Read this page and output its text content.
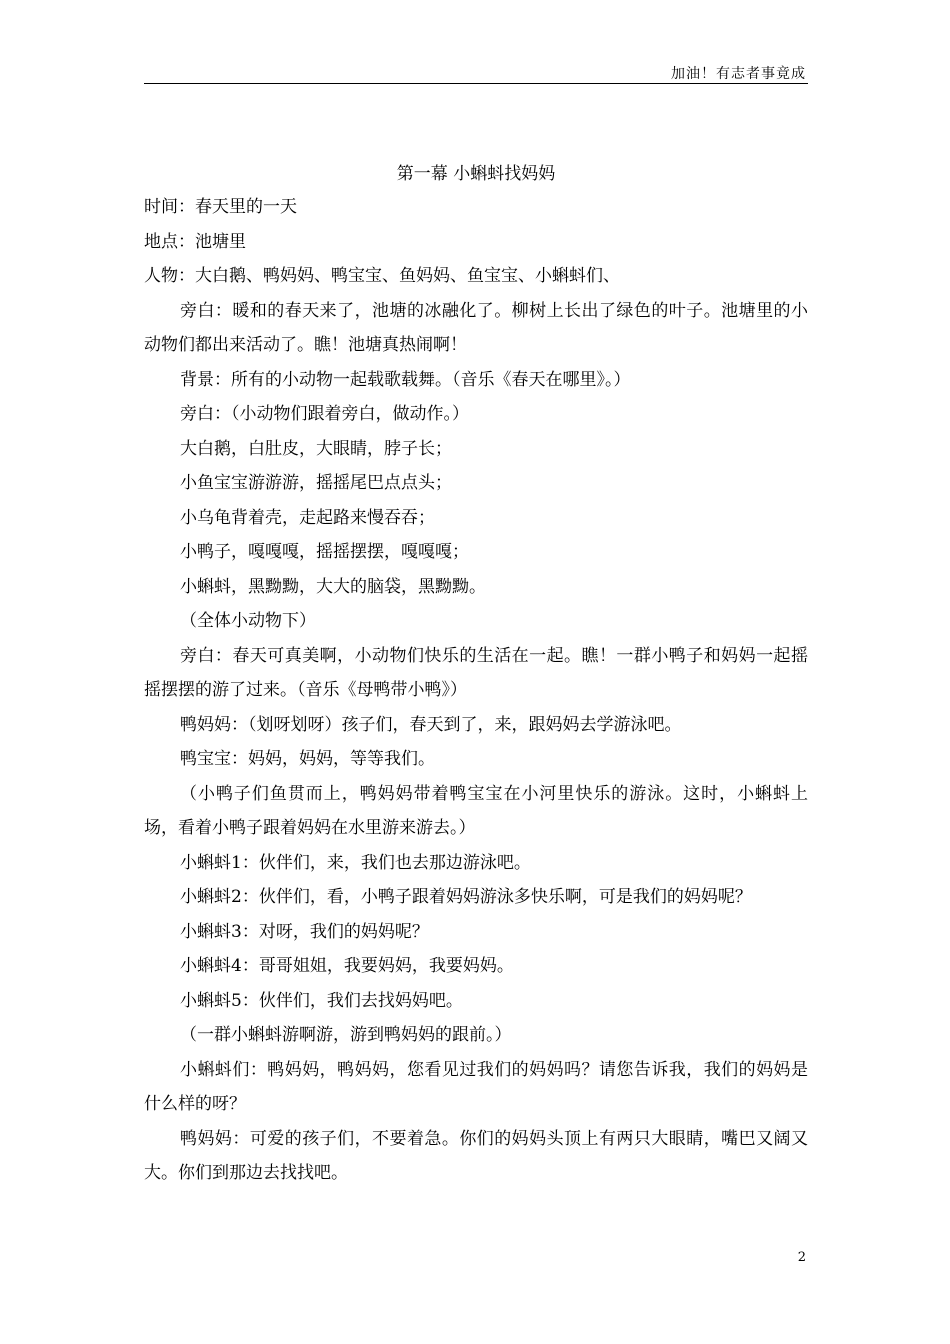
加油！有志者事竟成
第一幕 小蝌蚪找妈妈

时间：春天里的一天

地点：池塘里

人物：大白鹅、鸭妈妈、鸭宝宝、鱼妈妈、鱼宝宝、小蝌蚪们、

旁白：暖和的春天来了，池塘的冰融化了。柳树上长出了绿色的叶子。池塘里的小动物们都出来活动了。瞧！池塘真热闹啊！

背景：所有的小动物一起载歌载舞。（音乐《春天在哪里》。）

旁白：（小动物们跟着旁白，做动作。）

大白鹅，白肚皮，大眼睛，脖子长；

小鱼宝宝游游游，摇摇尾巴点点头；

小乌龟背着壳，走起路来慢吞吞；

小鸭子，嘎嘎嘎，摇摇摆摆，嘎嘎嘎；

小蝌蚪，黑黝黝，大大的脑袋，黑黝黝。

（全体小动物下）

旁白：春天可真美啊，小动物们快乐的生活在一起。瞧！一群小鸭子和妈妈一起摇摇摆摆的游了过来。（音乐《母鸭带小鸭》）

鸭妈妈：（划呀划呀）孩子们，春天到了，来，跟妈妈去学游泳吧。

鸭宝宝：妈妈，妈妈，等等我们。

（小鸭子们鱼贯而上，鸭妈妈带着鸭宝宝在小河里快乐的游泳。这时，小蝌蚪上场，看着小鸭子跟着妈妈在水里游来游去。）

小蝌蚪1：伙伴们，来，我们也去那边游泳吧。

小蝌蚪2：伙伴们，看，小鸭子跟着妈妈游泳多快乐啊，可是我们的妈妈呢？

小蝌蚪3：对呀，我们的妈妈呢？

小蝌蚪4：哥哥姐姐，我要妈妈，我要妈妈。

小蝌蚪5：伙伴们，我们去找妈妈吧。

（一群小蝌蚪游啊游，游到鸭妈妈的跟前。）

小蝌蚪们：鸭妈妈，鸭妈妈，您看见过我们的妈妈吗？请您告诉我，我们的妈妈是什么样的呀？

鸭妈妈：可爱的孩子们，不要着急。你们的妈妈头顶上有两只大眼睛，嘴巴又阔又大。你们到那边去找找吧。

2
